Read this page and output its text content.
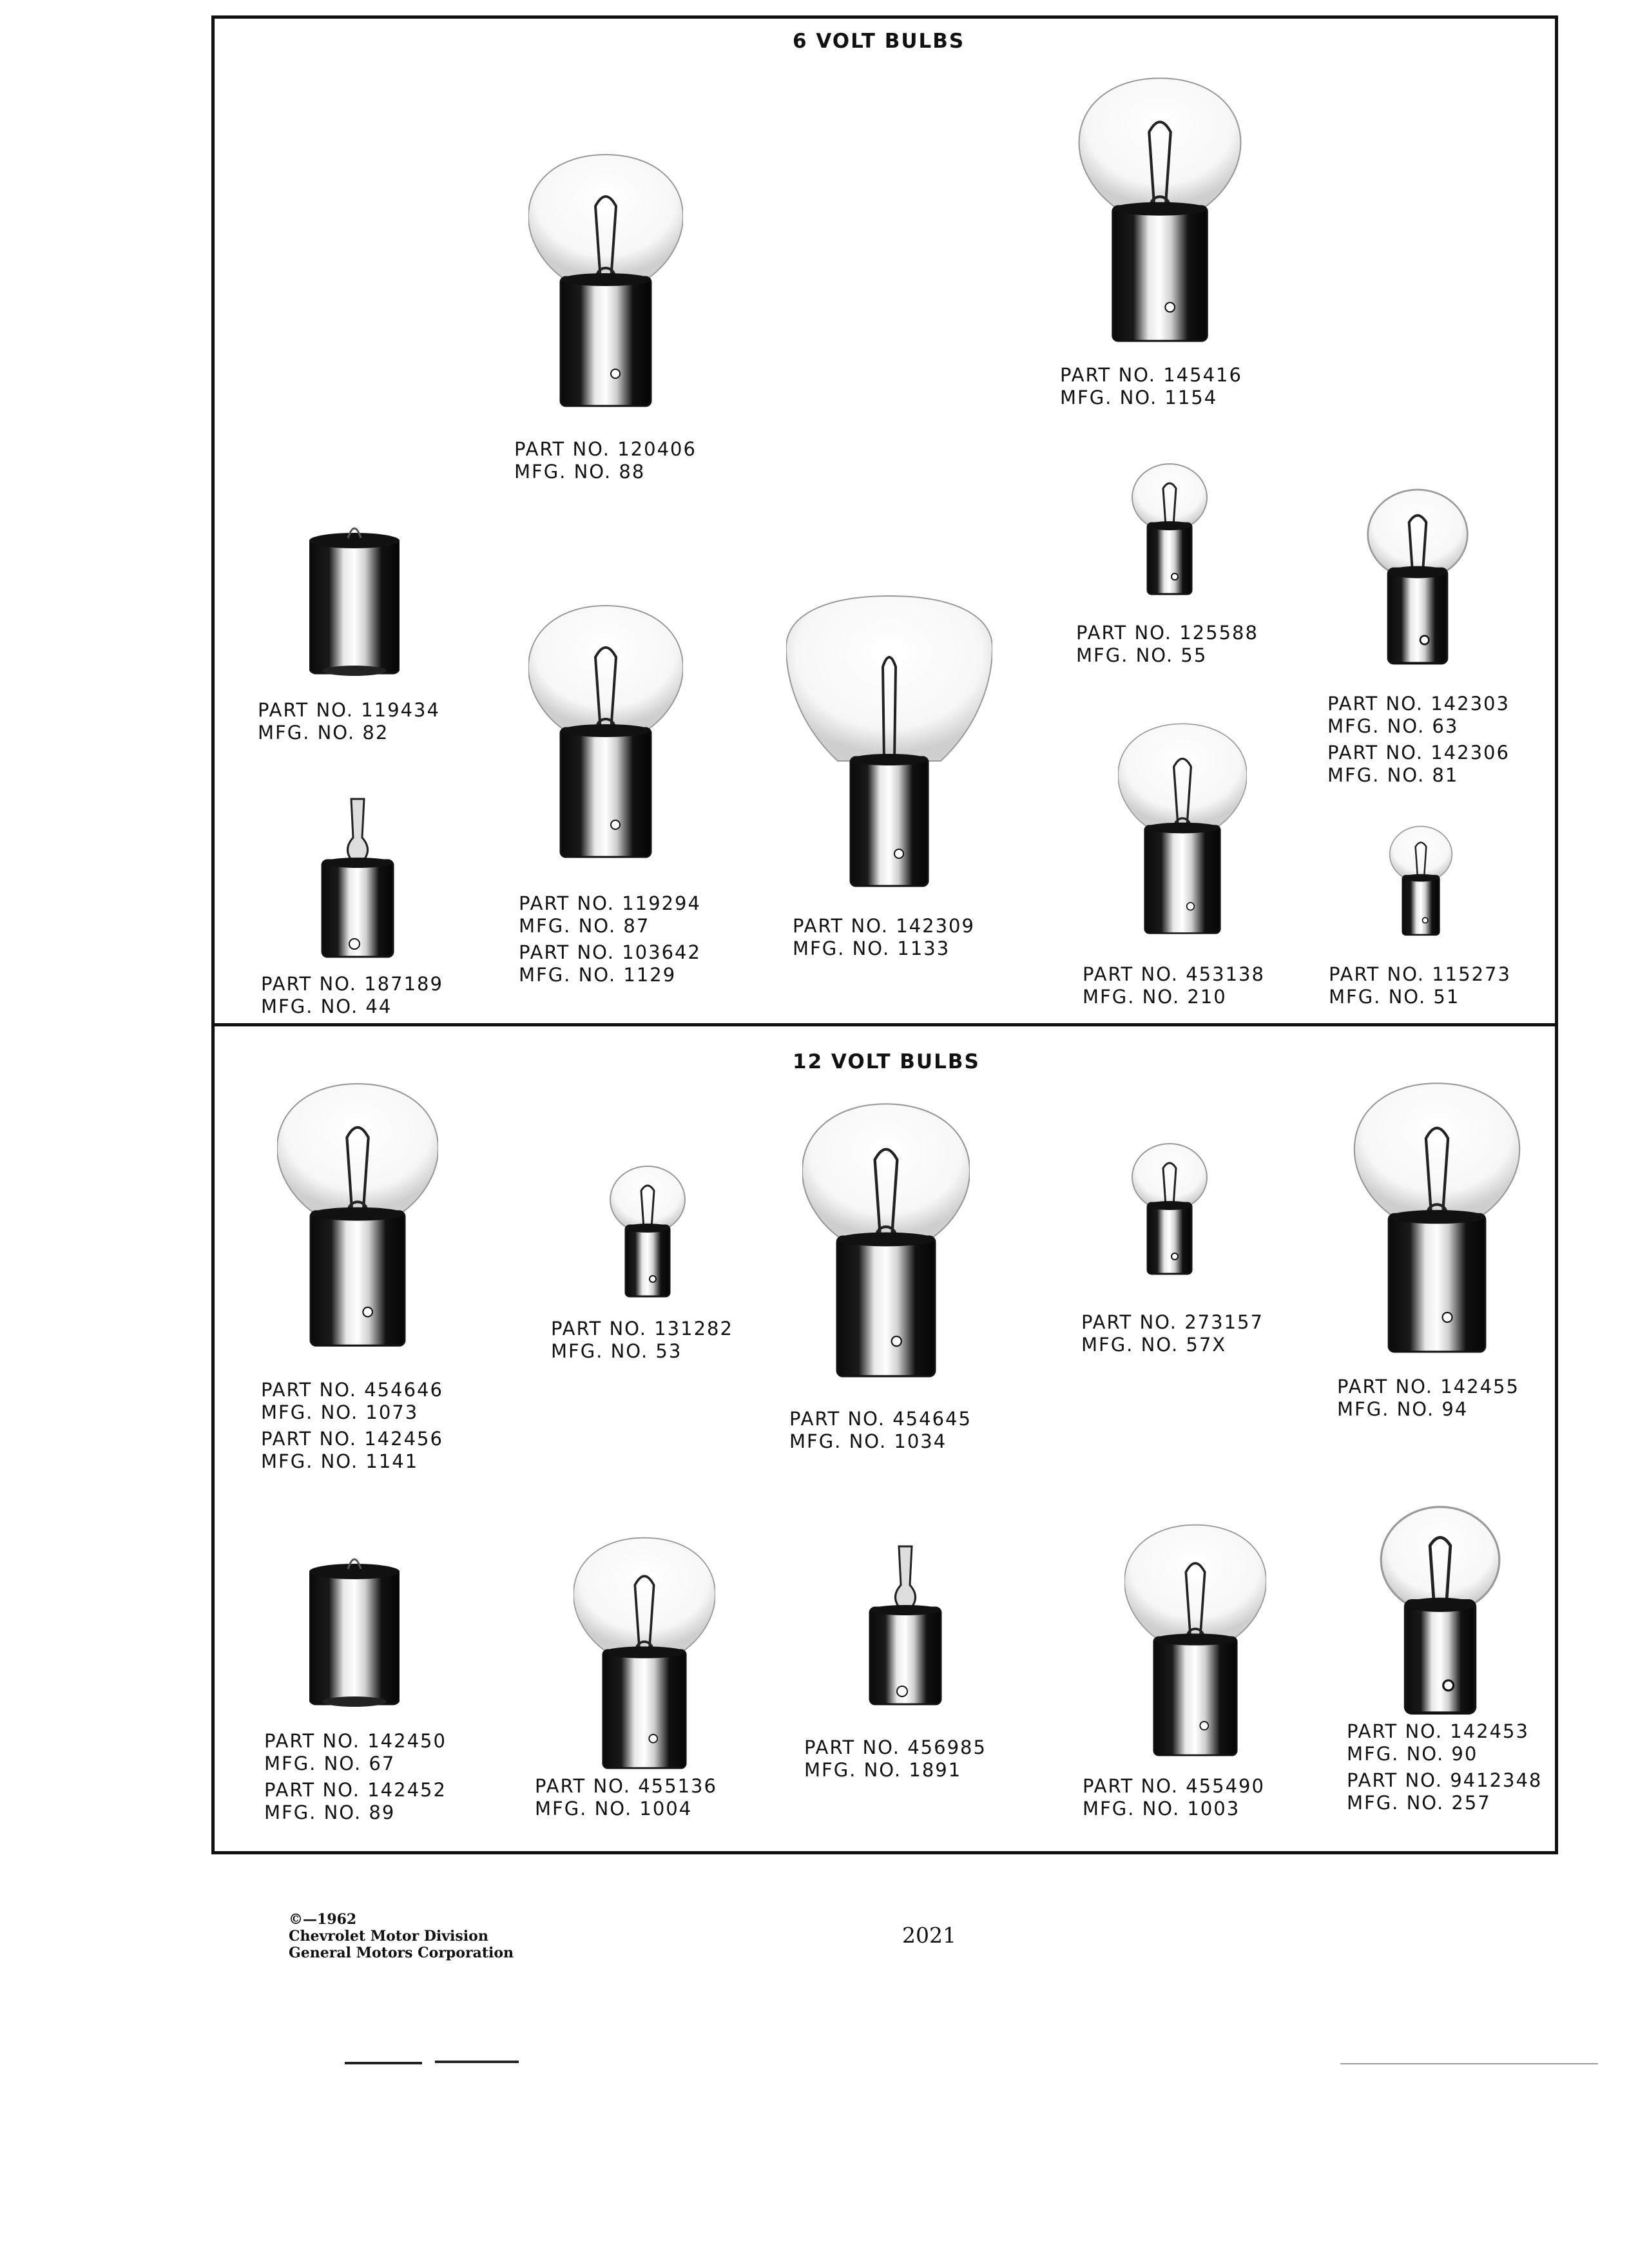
6 VOLT BULBS
12 VOLT BULBS
PART NO. 120406
MFG. NO. 88
PART NO. 145416
MFG. NO. 1154
PART NO. 119434
MFG. NO. 82
PART NO. 119294
MFG. NO. 87
PART NO. 103642
MFG. NO. 1129
PART NO. 142309
MFG. NO. 1133
PART NO. 125588
MFG. NO. 55
PART NO. 142303
MFG. NO. 63
PART NO. 142306
MFG. NO. 81
PART NO. 187189
MFG. NO. 44
PART NO. 453138
MFG. NO. 210
PART NO. 115273
MFG. NO. 51
PART NO. 454646
MFG. NO. 1073
PART NO. 142456
MFG. NO. 1141
PART NO. 131282
MFG. NO. 53
PART NO. 454645
MFG. NO. 1034
PART NO. 273157
MFG. NO. 57X
PART NO. 142455
MFG. NO. 94
PART NO. 142450
MFG. NO. 67
PART NO. 142452
MFG. NO. 89
PART NO. 455136
MFG. NO. 1004
PART NO. 456985
MFG. NO. 1891
PART NO. 455490
MFG. NO. 1003
PART NO. 142453
MFG. NO. 90
PART NO. 9412348
MFG. NO. 257
©—1962
Chevrolet Motor Division
General Motors Corporation
2021
